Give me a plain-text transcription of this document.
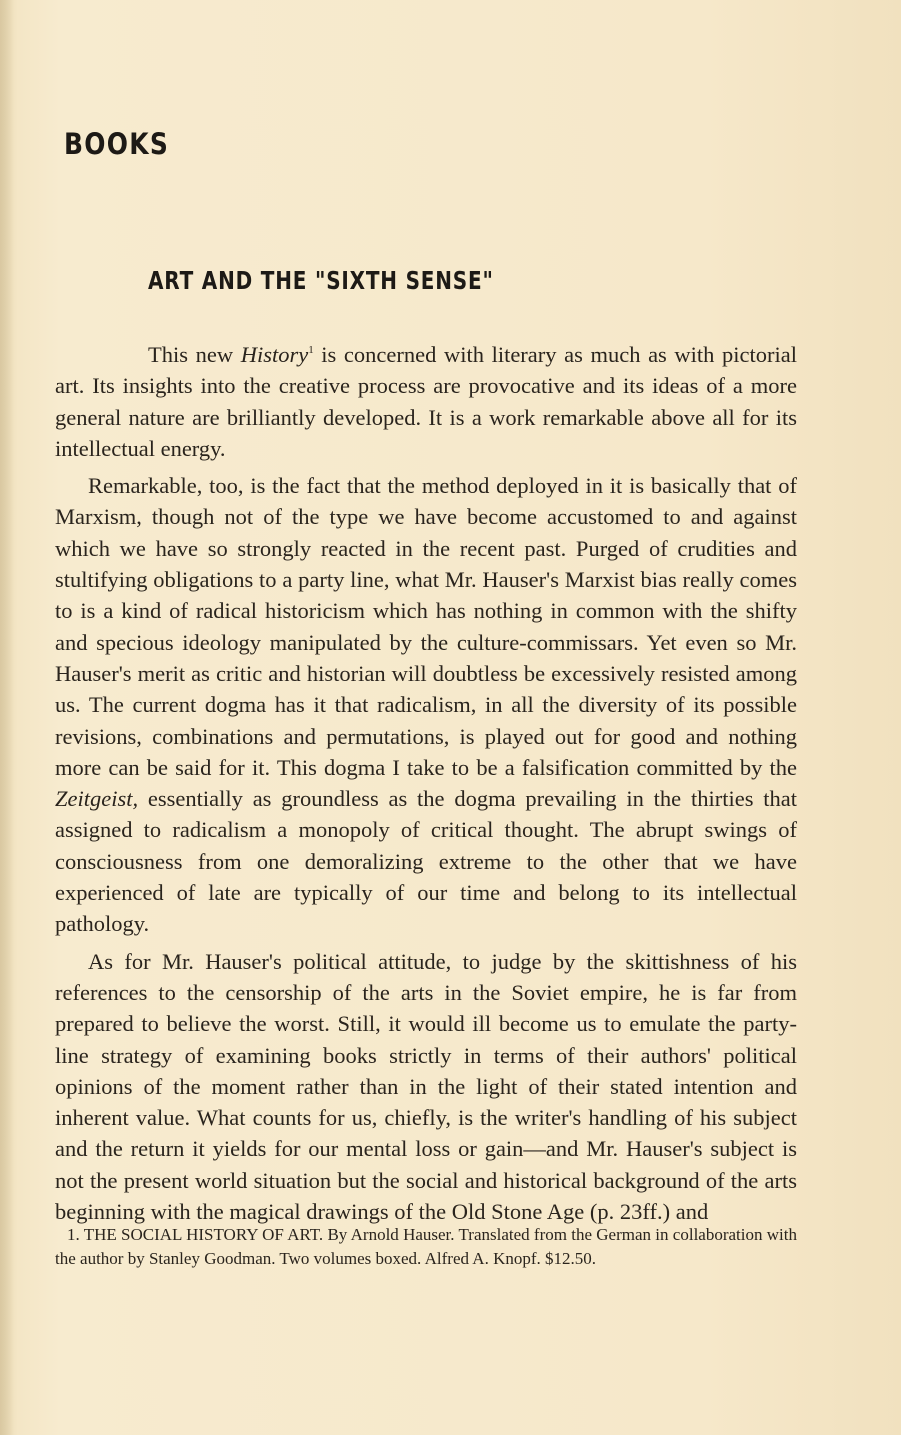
BOOKS
ART AND THE "SIXTH SENSE"

This new History$^1$ is concerned with literary as much as with pictorial art. Its insights into the creative process are provocative and its ideas of a more general nature are brilliantly developed. It is a work remarkable above all for its intellectual energy.

Remarkable, too, is the fact that the method deployed in it is basically that of Marxism, though not of the type we have become accustomed to and against which we have so strongly reacted in the recent past. Purged of crudities and stultifying obligations to a party line, what Mr. Hauser's Marxist bias really comes to is a kind of radical historicism which has nothing in common with the shifty and specious ideology manipulated by the culture-commissars. Yet even so Mr. Hauser's merit as critic and historian will doubtless be excessively resisted among us. The current dogma has it that radicalism, in all the diversity of its possible revisions, combinations and permutations, is played out for good and nothing more can be said for it. This dogma I take to be a falsification committed by the Zeitgeist, essentially as groundless as the dogma prevailing in the thirties that assigned to radicalism a monopoly of critical thought. The abrupt swings of consciousness from one demoralizing extreme to the other that we have experienced of late are typically of our time and belong to its intellectual pathology.

As for Mr. Hauser's political attitude, to judge by the skittishness of his references to the censorship of the arts in the Soviet empire, he is far from prepared to believe the worst. Still, it would ill become us to emulate the party-line strategy of examining books strictly in terms of their authors' political opinions of the moment rather than in the light of their stated intention and inherent value. What counts for us, chiefly, is the writer's handling of his subject and the return it yields for our mental loss or gain—and Mr. Hauser's subject is not the present world situation but the social and historical background of the arts beginning with the magical drawings of the Old Stone Age (p. 23ff.) and

1. THE SOCIAL HISTORY OF ART. By Arnold Hauser. Translated from the German in collaboration with the author by Stanley Goodman. Two volumes boxed. Alfred A. Knopf. $12.50.
